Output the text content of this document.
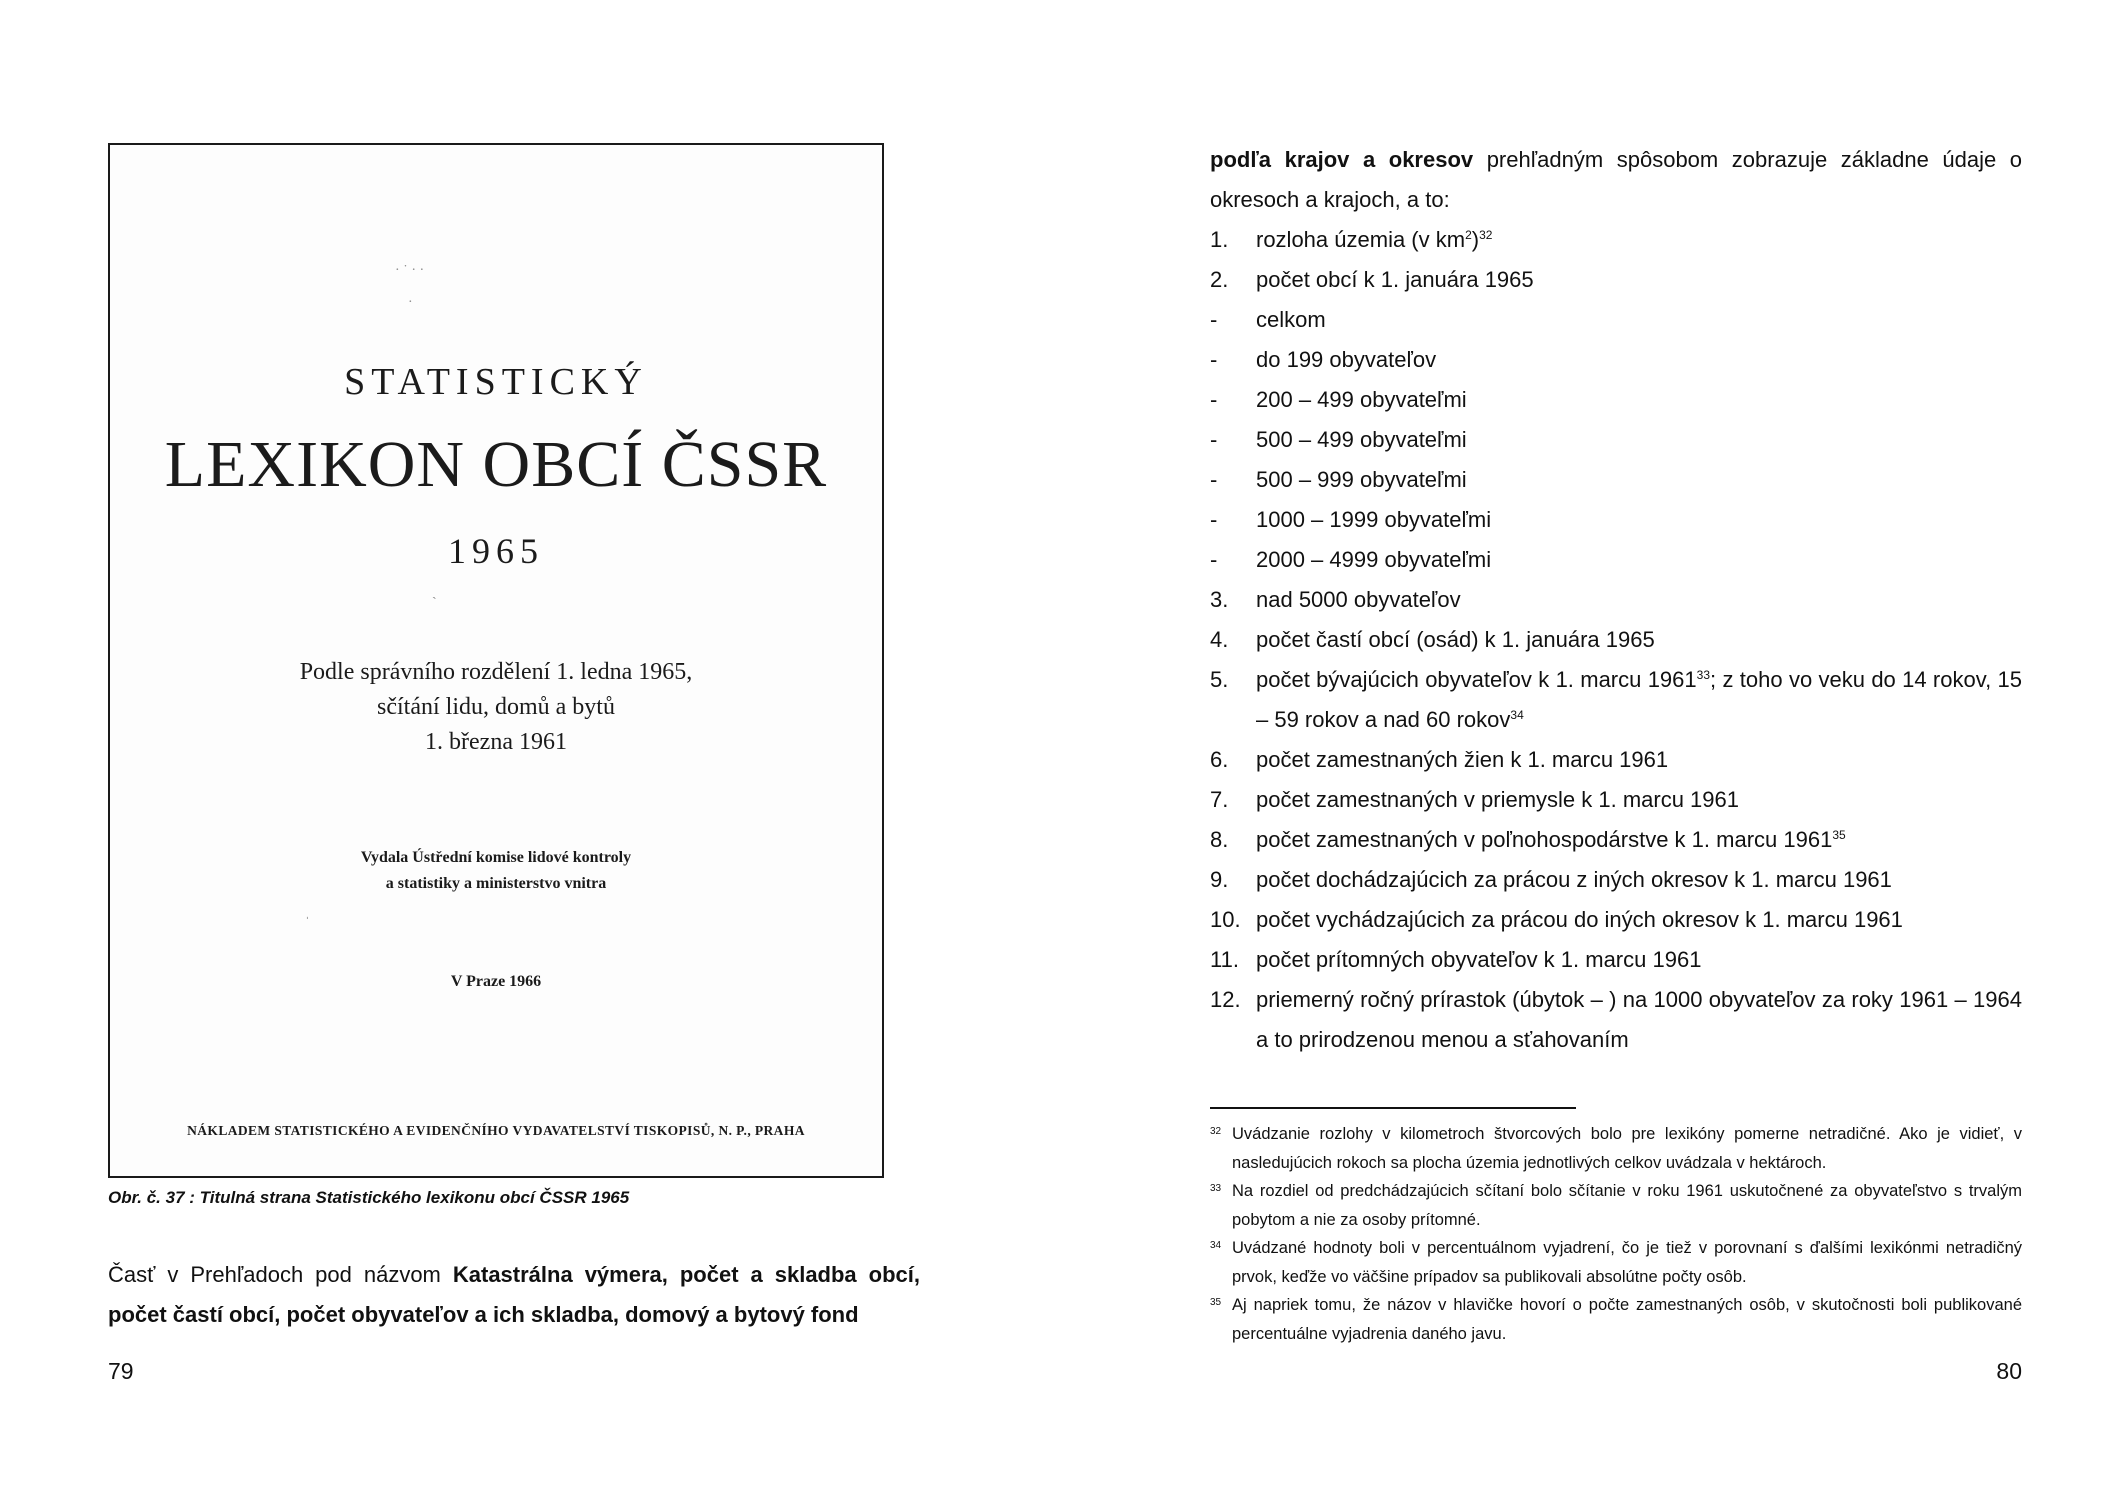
· ˙ · ·
·
ˏ
ˌ
STATISTICKÝ
LEXIKON OBCÍ ČSSR
1965
Podle správního rozdělení 1. ledna 1965,
sčítání lidu, domů a bytů
1. března 1961
Vydala Ústřední komise lidové kontroly
a statistiky a ministerstvo vnitra
V Praze 1966
NÁKLADEM STATISTICKÉHO A EVIDENČNÍHO VYDAVATELSTVÍ TISKOPISŮ, N. P., PRAHA
Obr. č. 37 : Titulná strana Statistického lexikonu obcí ČSSR 1965
Časť v Prehľadoch pod názvom Katastrálna výmera, počet a skladba obcí, počet častí obcí, počet obyvateľov a ich skladba, domový a bytový fond
79
podľa krajov a okresov prehľadným spôsobom zobrazuje základne údaje o okresoch a krajoch, a to:
1. rozloha územia (v $km^2)^{32}$
2. počet obcí k 1. januára 1965
- celkom
- do 199 obyvateľov
- 200 – 499 obyvateľmi
- 500 – 499 obyvateľmi
- 500 – 999 obyvateľmi
- 1000 – 1999 obyvateľmi
- 2000 – 4999 obyvateľmi
3. nad 5000 obyvateľov
4. počet častí obcí (osád) k 1. januára 1965
5. počet bývajúcich obyvateľov k 1. marcu 1961$^{33}$; z toho vo veku do 14 rokov, 15 – 59 rokov a nad 60 rokov$^{34}$
6. počet zamestnaných žien k 1. marcu 1961
7. počet zamestnaných v priemysle k 1. marcu 1961
8. počet zamestnaných v poľnohospodárstve k 1. marcu 1961$^{35}$
9. počet dochádzajúcich za prácou z iných okresov k 1. marcu 1961
10. počet vychádzajúcich za prácou do iných okresov k 1. marcu 1961
11. počet prítomných obyvateľov k 1. marcu 1961
12. priemerný ročný prírastok (úbytok – ) na 1000 obyvateľov za roky 1961 – 1964 a to prirodzenou menou a sťahovaním
32 Uvádzanie rozlohy v kilometroch štvorcových bolo pre lexikóny pomerne netradičné. Ako je vidieť, v nasledujúcich rokoch sa plocha územia jednotlivých celkov uvádzala v hektároch.
33 Na rozdiel od predchádzajúcich sčítaní bolo sčítanie v roku 1961 uskutočnené za obyvateľstvo s trvalým pobytom a nie za osoby prítomné.
34 Uvádzané hodnoty boli v percentuálnom vyjadrení, čo je tiež v porovnaní s ďalšími lexikónmi netradičný prvok, keďže vo väčšine prípadov sa publikovali absolútne počty osôb.
35 Aj napriek tomu, že názov v hlavičke hovorí o počte zamestnaných osôb, v skutočnosti boli publikované percentuálne vyjadrenia daného javu.
80
